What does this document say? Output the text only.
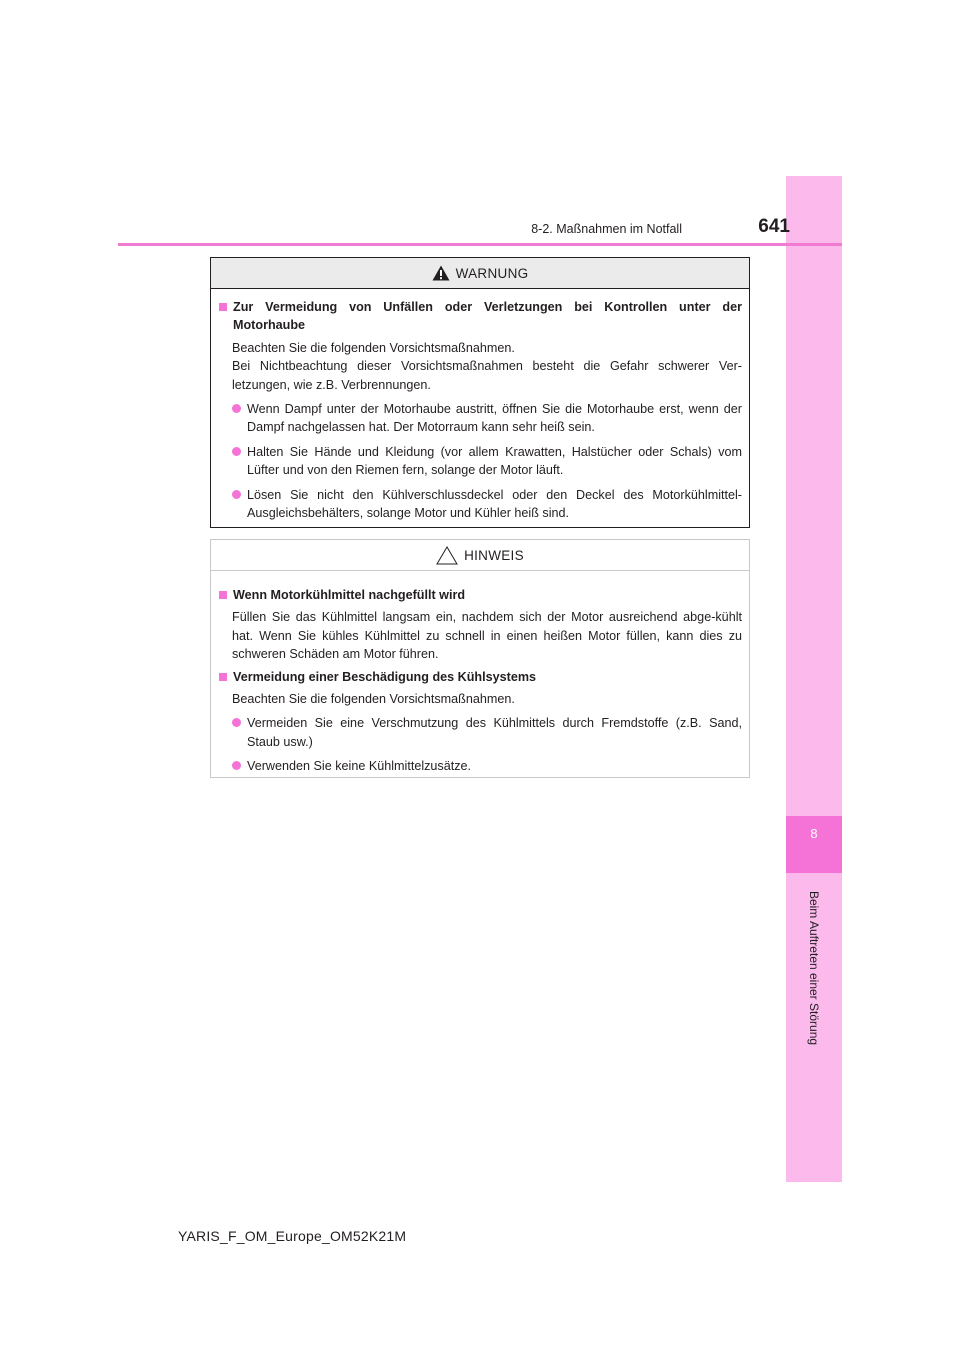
8
Beim Auftreten einer Störung
8-2. Maßnahmen im Notfall	641
WARNUNG
Zur Vermeidung von Unfällen oder Verletzungen bei Kontrollen unter der Motorhaube
Beachten Sie die folgenden Vorsichtsmaßnahmen.
Bei Nichtbeachtung dieser Vorsichtsmaßnahmen besteht die Gefahr schwerer Ver-letzungen, wie z.B. Verbrennungen.
Wenn Dampf unter der Motorhaube austritt, öffnen Sie die Motorhaube erst, wenn der Dampf nachgelassen hat. Der Motorraum kann sehr heiß sein.
Halten Sie Hände und Kleidung (vor allem Krawatten, Halstücher oder Schals) vom Lüfter und von den Riemen fern, solange der Motor läuft.
Lösen Sie nicht den Kühlverschlussdeckel oder den Deckel des Motorkühlmittel-Ausgleichsbehälters, solange Motor und Kühler heiß sind.
HINWEIS
Wenn Motorkühlmittel nachgefüllt wird
Füllen Sie das Kühlmittel langsam ein, nachdem sich der Motor ausreichend abge-kühlt hat. Wenn Sie kühles Kühlmittel zu schnell in einen heißen Motor füllen, kann dies zu schweren Schäden am Motor führen.
Vermeidung einer Beschädigung des Kühlsystems
Beachten Sie die folgenden Vorsichtsmaßnahmen.
Vermeiden Sie eine Verschmutzung des Kühlmittels durch Fremdstoffe (z.B. Sand, Staub usw.)
Verwenden Sie keine Kühlmittelzusätze.
YARIS_F_OM_Europe_OM52K21M
